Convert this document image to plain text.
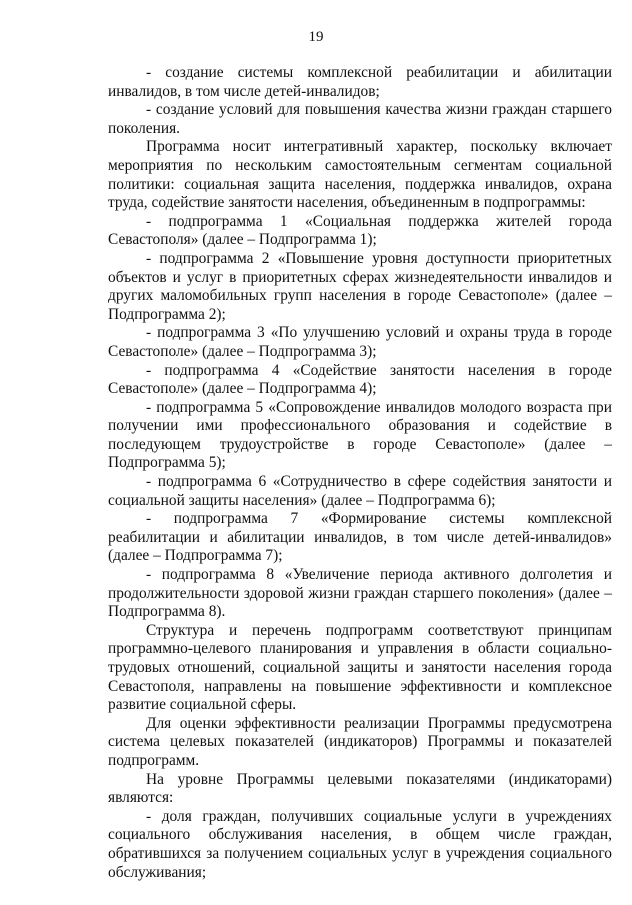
19

- создание системы комплексной реабилитации и абилитации инвалидов, в том числе детей-инвалидов;

- создание условий для повышения качества жизни граждан старшего поколения.

Программа носит интегративный характер, поскольку включает мероприятия по нескольким самостоятельным сегментам социальной политики: социальная защита населения, поддержка инвалидов, охрана труда, содействие занятости населения, объединенным в подпрограммы:

- подпрограмма 1 «Социальная поддержка жителей города Севастополя» (далее – Подпрограмма 1);

- подпрограмма 2 «Повышение уровня доступности приоритетных объектов и услуг в приоритетных сферах жизнедеятельности инвалидов и других маломобильных групп населения в городе Севастополе» (далее – Подпрограмма 2);

- подпрограмма 3 «По улучшению условий и охраны труда в городе Севастополе» (далее – Подпрограмма 3);

- подпрограмма 4 «Содействие занятости населения в городе Севастополе» (далее – Подпрограмма 4);

- подпрограмма 5 «Сопровождение инвалидов молодого возраста при получении ими профессионального образования и содействие в последующем трудоустройстве в городе Севастополе» (далее – Подпрограмма 5);

- подпрограмма 6 «Сотрудничество в сфере содействия занятости и социальной защиты населения» (далее – Подпрограмма 6);

- подпрограмма 7 «Формирование системы комплексной реабилитации и абилитации инвалидов, в том числе детей-инвалидов» (далее – Подпрограмма 7);

- подпрограмма 8 «Увеличение периода активного долголетия и продолжительности здоровой жизни граждан старшего поколения» (далее – Подпрограмма 8).

Структура и перечень подпрограмм соответствуют принципам программно-целевого планирования и управления в области социально-трудовых отношений, социальной защиты и занятости населения города Севастополя, направлены на повышение эффективности и комплексное развитие социальной сферы.

Для оценки эффективности реализации Программы предусмотрена система целевых показателей (индикаторов) Программы и показателей подпрограмм.

На уровне Программы целевыми показателями (индикаторами) являются:

- доля граждан, получивших социальные услуги в учреждениях социального обслуживания населения, в общем числе граждан, обратившихся за получением социальных услуг в учреждения социального обслуживания;
